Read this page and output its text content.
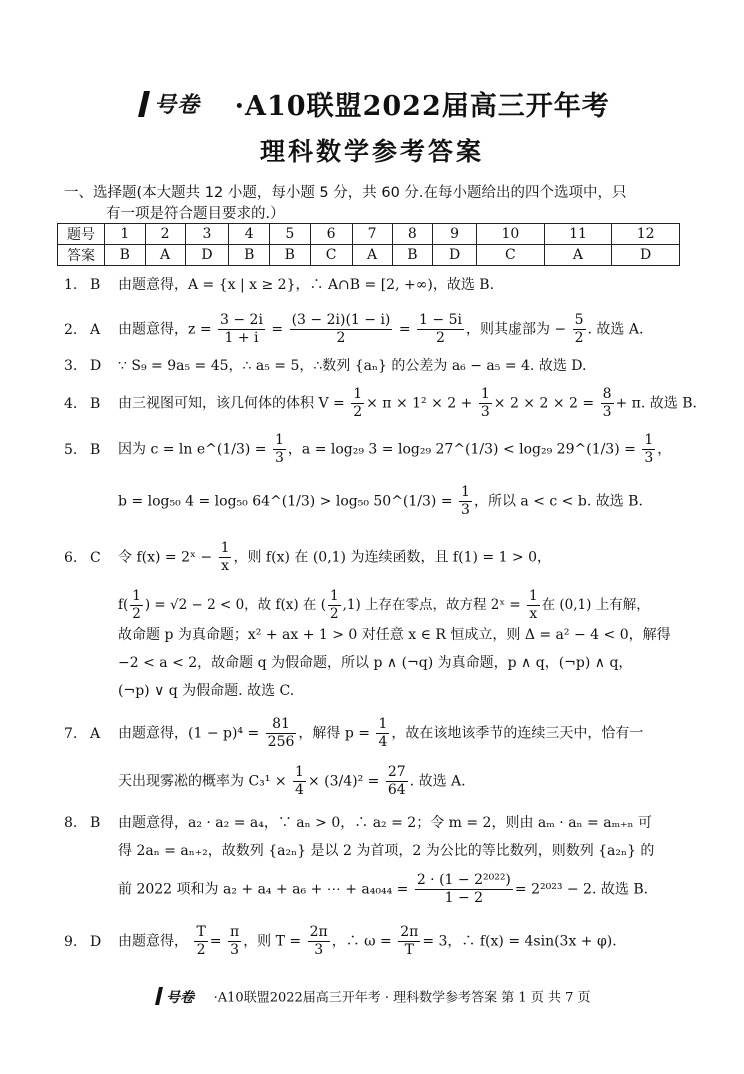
号卷 ·A10联盟2022届高三开年考
理科数学参考答案
一、选择题(本大题共 12 小题，每小题 5 分，共 60 分.在每小题给出的四个选项中，只
有一项是符合题目要求的.）
题号	1	2	3	4	5	6	7	8	9	10	11	12
答案	B	A	D	B	B	C	A	B	D	C	A	D
1. B 由题意得，A = {x | x ≥ 2}，∴ A∩B = [2, +∞)，故选 B.
2. A 由题意得，$z = \frac{3 - 2i}{1 + i} = \frac{(3 - 2i)(1 - i)}{2} = \frac{1 - 5i}{2}$ ，则其虚部为 − $\frac{5}{2}$ . 故选 A.
3. D ∵ S₉ = 9a₅ = 45，∴ a₅ = 5，∴数列 {aₙ} 的公差为 a₆ − a₅ = 4. 故选 D.
4. B 由三视图可知，该几何体的体积 $V = \frac{1}{2} \times \pi \times 1^2 \times 2 + \frac{1}{3} \times 2 \times 2 \times 2 = \frac{8}{3} + \pi$. 故选 B.
5. B 因为 c = ln e^(1/3) = $\frac{1}{3}$ ，a = log₂₉ 3 = log₂₉ 27^(1/3) < log₂₉ 29^(1/3) = $\frac{1}{3}$ ，
b = log₅₀ 4 = log₅₀ 64^(1/3) > log₅₀ 50^(1/3) = $\frac{1}{3}$ ，所以 a < c < b. 故选 B.
6. C 令 f(x) = 2ˣ − $\frac{1}{x}$ ，则 f(x) 在 (0,1) 为连续函数，且 f(1) = 1 > 0，
$f( \frac{1}{2}$ ) = √2 − 2 < 0，故 f(x) 在 ( $\frac{1}{2} ,1$) 上存在零点，故方程 2ˣ = $\frac{1}{x}$ 在 (0,1) 上有解，
故命题 p 为真命题；x² + ax + 1 > 0 对任意 x ∈ R 恒成立，则 Δ = a² − 4 < 0，解得
−2 < a < 2，故命题 q 为假命题，所以 p ∧ (¬q) 为真命题，p ∧ q，(¬p) ∧ q，
(¬p) ∨ q 为假命题. 故选 C.
7. A 由题意得，$(1 - p)^4 = \frac{81}{256}$ ，解得 $p = \frac{1}{4}$ ，故在该地该季节的连续三天中，恰有一
天出现雾凇的概率为 $C_3^1 \times \frac{1}{4} \times (3/4)^2 = \frac{27}{64}$ . 故选 A.
8. B 由题意得，a₂ · a₂ = a₄，∵ aₙ > 0，∴ a₂ = 2；令 m = 2，则由 aₘ · aₙ = aₘ₊ₙ 可
得 2aₙ = aₙ₊₂，故数列 {a₂ₙ} 是以 2 为首项，2 为公比的等比数列，则数列 {a₂ₙ} 的
前 2022 项和为 a₂ + a₄ + a₆ + ⋯ + $a_{4044} = \frac{\text{2 · (1 − 2²⁰²²)}}{1 - 2} = 2^{2023} - 2$. 故选 B.
9. D 由题意得， $\frac{T}{2} = \frac{\pi}{3}$ ，则 $T = \frac{2\pi}{3}$ ，∴ $\omega = \frac{2\pi}{T} = 3$，∴ f(x) = 4sin(3x + φ).
号卷 ·A10联盟2022届高三开年考 · 理科数学参考答案 第 1 页 共 7 页
